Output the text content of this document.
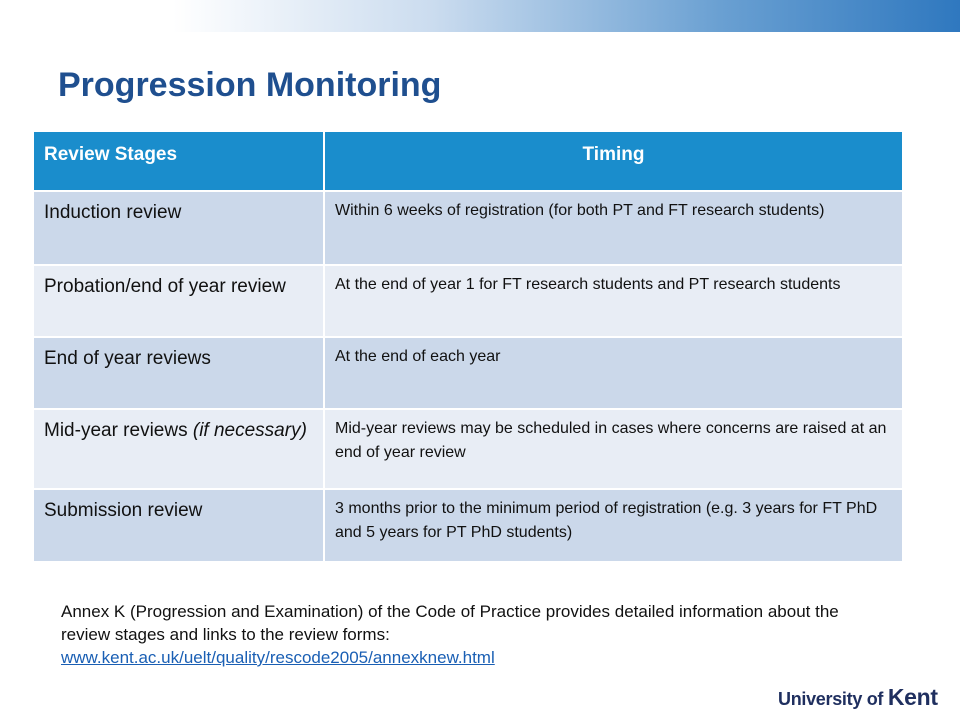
Progression Monitoring
Review Stages	Timing
Induction review	Within 6 weeks of registration (for both PT and FT research students)
Probation/end of year review	At the end of year 1 for FT research students and PT research students
End of year reviews	At the end of each year
Mid-year reviews (if necessary)	Mid-year reviews may be scheduled in cases where concerns are raised at an end of year review
Submission review	3 months prior to the minimum period of registration (e.g. 3 years for FT PhD and 5 years for PT PhD students)
Annex K (Progression and Examination) of the Code of Practice provides detailed information about the review stages and links to the review forms:
www.kent.ac.uk/uelt/quality/rescode2005/annexknew.html
University of Kent
